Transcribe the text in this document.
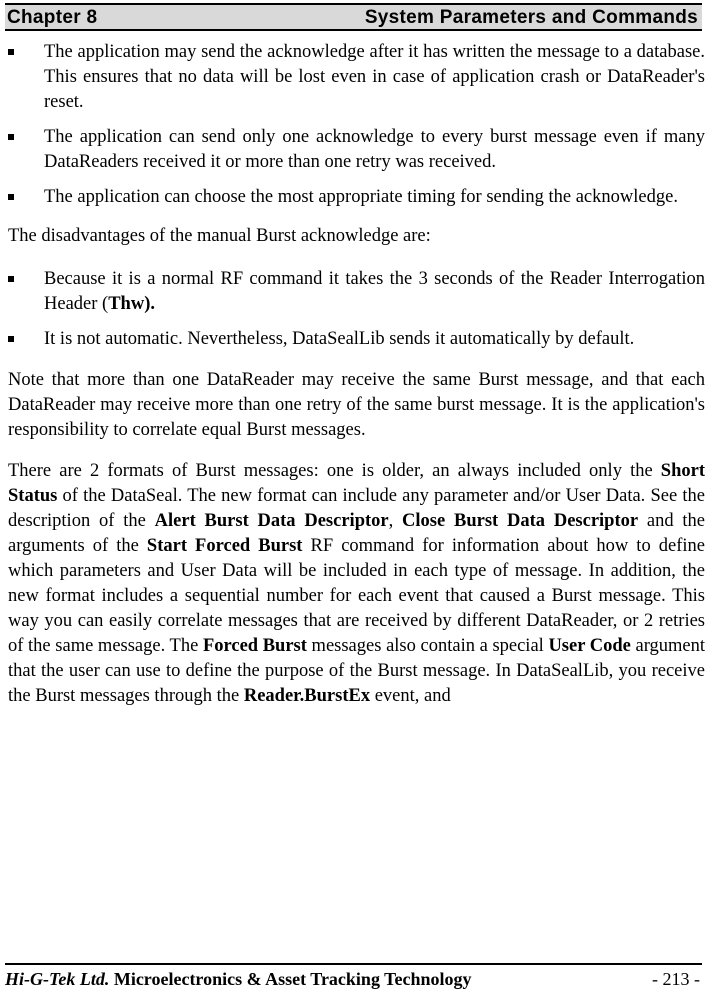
Chapter 8	System Parameters and Commands
The application may send the acknowledge after it has written the message to a database. This ensures that no data will be lost even in case of application crash or DataReader's reset.
The application can send only one acknowledge to every burst message even if many DataReaders received it or more than one retry was received.
The application can choose the most appropriate timing for sending the acknowledge.

The disadvantages of the manual Burst acknowledge are:

Because it is a normal RF command it takes the 3 seconds of the Reader Interrogation Header (Thw).
It is not automatic. Nevertheless, DataSealLib sends it automatically by default.

Note that more than one DataReader may receive the same Burst message, and that each DataReader may receive more than one retry of the same burst message. It is the application's responsibility to correlate equal Burst messages.

There are 2 formats of Burst messages: one is older, an always included only the Short Status of the DataSeal. The new format can include any parameter and/or User Data. See the description of the Alert Burst Data Descriptor, Close Burst Data Descriptor and the arguments of the Start Forced Burst RF command for information about how to define which parameters and User Data will be included in each type of message. In addition, the new format includes a sequential number for each event that caused a Burst message. This way you can easily correlate messages that are received by different DataReader, or 2 retries of the same message. The Forced Burst messages also contain a special User Code argument that the user can use to define the purpose of the Burst message. In DataSealLib, you receive the Burst messages through the Reader.BurstEx event, and

Hi-G-Tek Ltd. Microelectronics & Asset Tracking Technology	- 213 -
